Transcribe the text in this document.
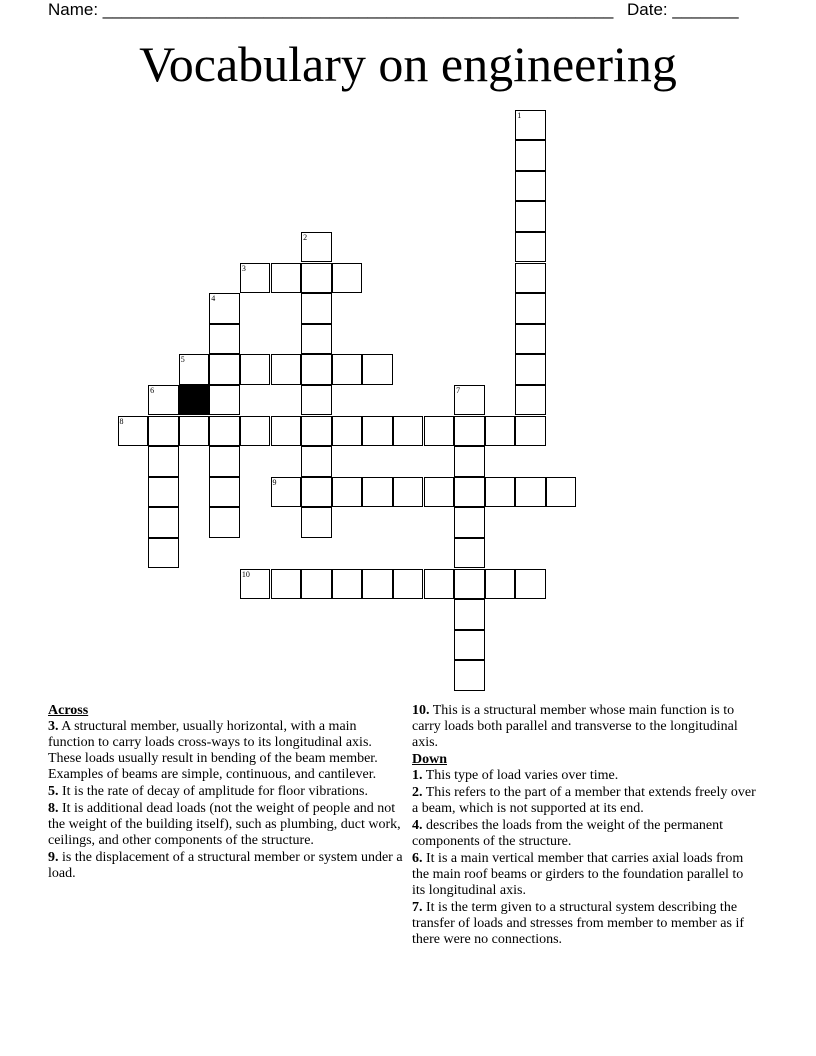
Name: ______________________________________________________ Date: _______
Vocabulary on engineering
1
2
3
4
5
6	7
8
9
10

Across

3. A structural member, usually horizontal, with a main function to carry loads cross-ways to its longitudinal axis. These loads usually result in bending of the beam member. Examples of beams are simple, continuous, and cantilever.

5. It is the rate of decay of amplitude for floor vibrations.

8. It is additional dead loads (not the weight of people and not the weight of the building itself), such as plumbing, duct work, ceilings, and other components of the structure.

9. is the displacement of a structural member or system under a load.

10. This is a structural member whose main function is to carry loads both parallel and transverse to the longitudinal axis.

Down

1. This type of load varies over time.

2. This refers to the part of a member that extends freely over a beam, which is not supported at its end.

4. describes the loads from the weight of the permanent components of the structure.

6. It is a main vertical member that carries axial loads from the main roof beams or girders to the foundation parallel to its longitudinal axis.

7. It is the term given to a structural system describing the transfer of loads and stresses from member to member as if there were no connections.
